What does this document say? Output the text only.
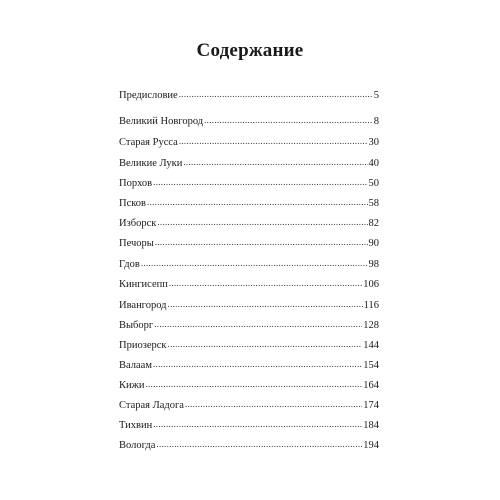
Содержание
Предисловие .....	5
Великий Новгород .....	8
Старая Русса .....	30
Великие Луки .....	40
Порхов .....	50
Псков .....	58
Изборск .....	82
Печоры .....	90
Гдов .....	98
Кингисепп .....	106
Ивангород .....	116
Выборг .....	128
Приозерск .....	144
Валаам .....	154
Кижи .....	164
Старая Ладога .....	174
Тихвин .....	184
Вологда .....	194
